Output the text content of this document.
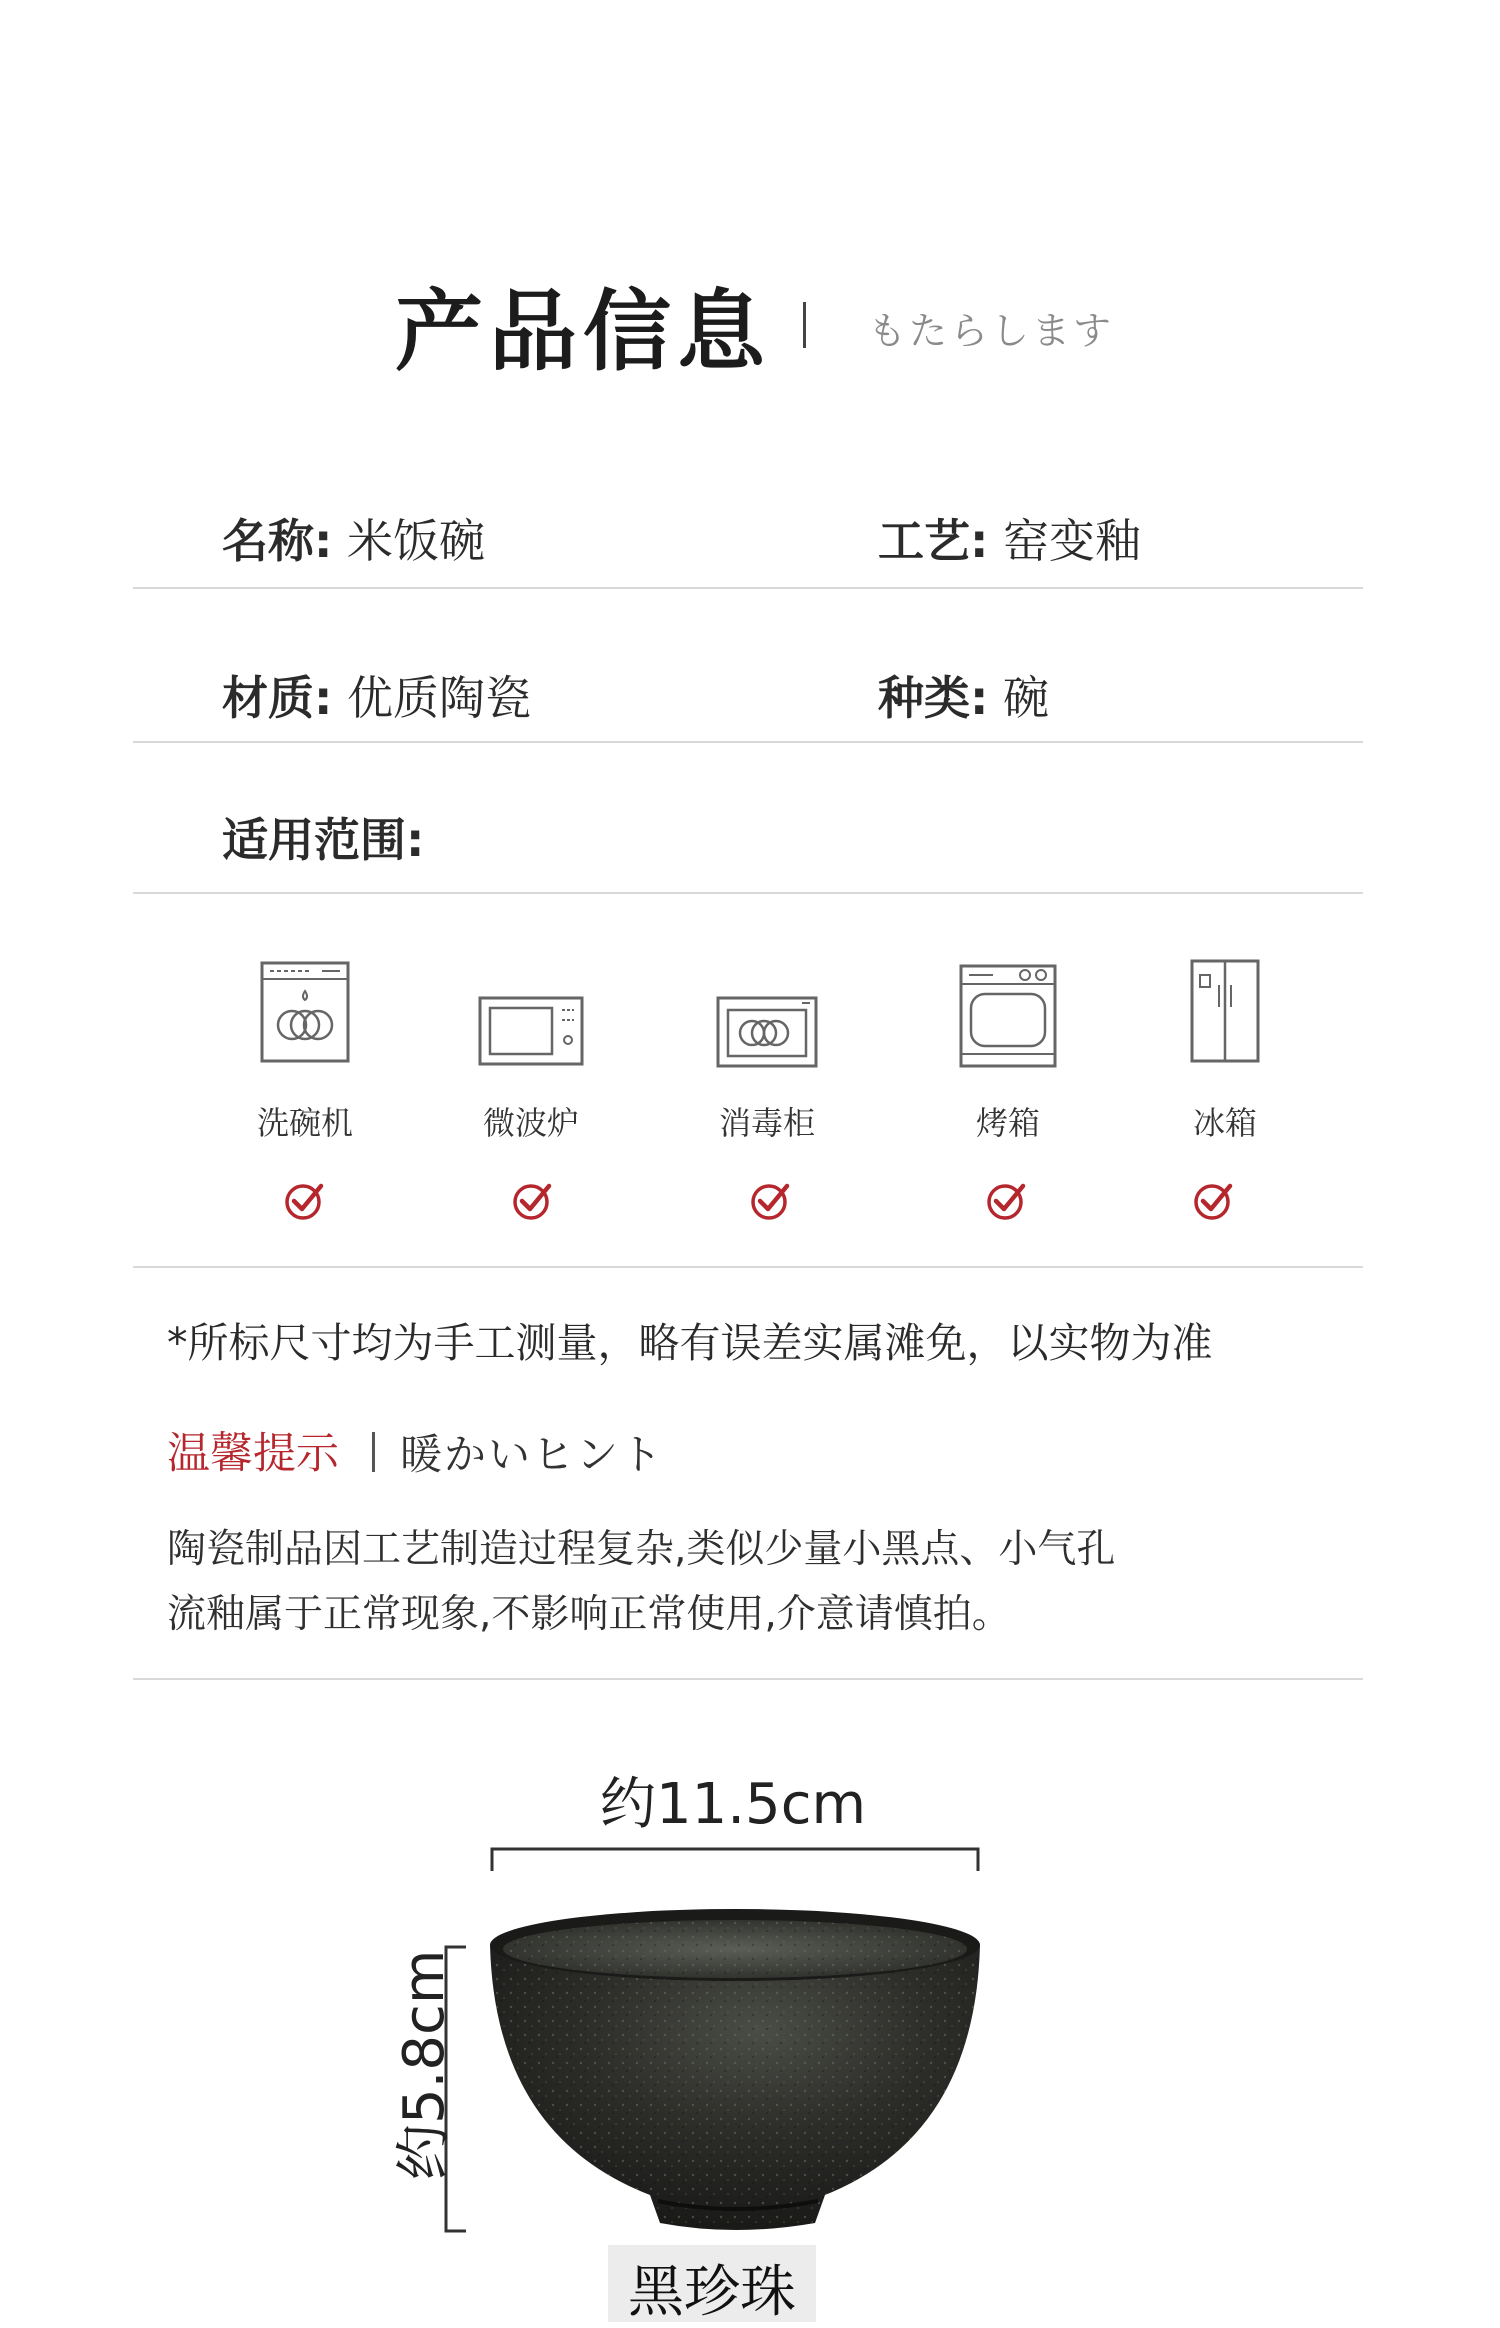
产品信息	もたらします
名称: 米饭碗	工艺: 窑变釉
材质: 优质陶瓷	种类: 碗
适用范围:
洗碗机	微波炉	消毒柜	烤箱	冰箱
*所标尺寸均为手工测量，略有误差实属滩免，以实物为准
温馨提示 暖かいヒント
陶瓷制品因工艺制造过程复杂,类似少量小黑点、小气孔
流釉属于正常现象,不影响正常使用,介意请慎拍。
约11.5cm
约5.8cm
黑珍珠
